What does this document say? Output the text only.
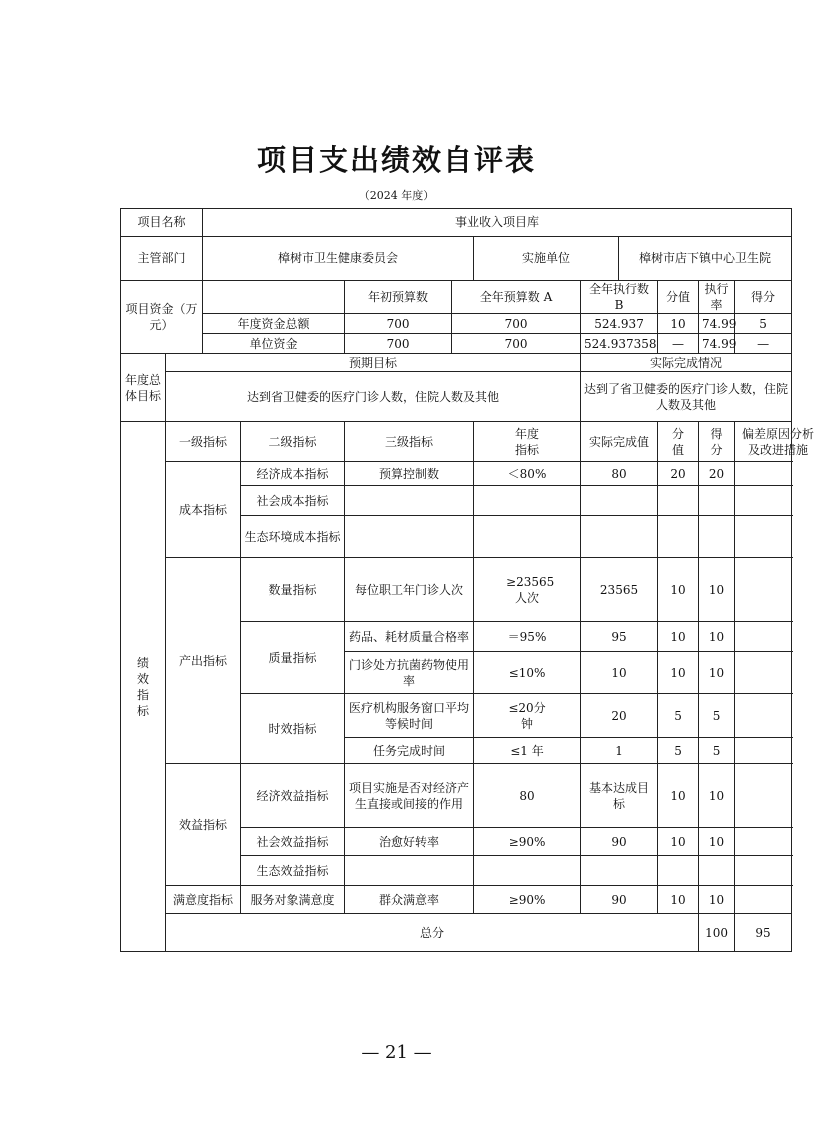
项目支出绩效自评表
（2024 年度）
项目名称		事业收入项目库										
主管部门		樟树市卫生健康委员会				实施单位		樟树市店下镇中心卫生院				
项目资金（万元）				年初预算数	全年预算数 A		全年执行数 B		分值	执行率	得分	
		年度资金总额		700	700		524.937		10	74.99	5	
		单位资金		700	700		524.937358		—	74.99	—	
年度总体目标	预期目标						实际完成情况					
	达到省卫健委的医疗门诊人数，住院人数及其他						达到了省卫健委的医疗门诊人数，住院人数及其他					

绩效指标	一级指标		二级指标	三级指标		年度指标	实际完成值		分值	得分	偏差原因分析及改进措施	

	成本指标		经济成本指标	预算控制数		＜80%	80		20	20		
			社会成本指标									
			生态环境成本指标									
	产出指标		数量指标	每位职工年门诊人次		≥23565人次	23565		10	10		
			质量指标	药品、耗材质量合格率		＝95%	95		10	10		
				门诊处方抗菌药物使用率		≤10%	10		10	10		
			时效指标	医疗机构服务窗口平均等候时间		≤20分钟	20		5	5		
				任务完成时间		≤1 年	1		5	5		
	效益指标		经济效益指标	项目实施是否对经济产生直接或间接的作用		80	基本达成目标		10	10		
			社会效益指标	治愈好转率		≥90%	90		10	10		
			生态效益指标									
	满意度指标		服务对象满意度	群众满意率		≥90%	90		10	10		
	总分									100	95	
— 21 —
